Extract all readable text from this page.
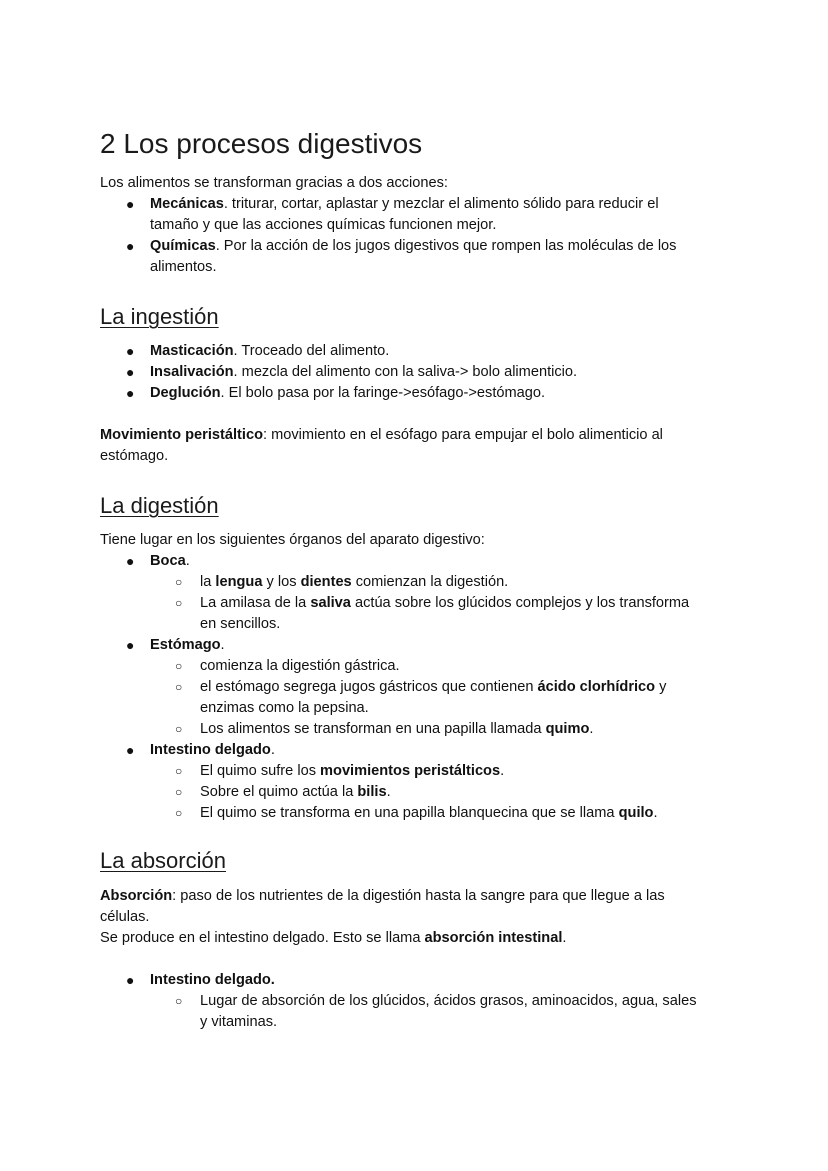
2 Los procesos digestivos
Los alimentos se transforman gracias a dos acciones:
● Mecánicas. triturar, cortar, aplastar y mezclar el alimento sólido para reducir el
tamaño y que las acciones químicas funcionen mejor.
● Químicas. Por la acción de los jugos digestivos que rompen las moléculas de los
alimentos.
La ingestión
● Masticación. Troceado del alimento.
● Insalivación. mezcla del alimento con la saliva-> bolo alimenticio.
● Deglución. El bolo pasa por la faringe->esófago->estómago.
Movimiento peristáltico: movimiento en el esófago para empujar el bolo alimenticio al
estómago.
La digestión
Tiene lugar en los siguientes órganos del aparato digestivo:
● Boca.
○ la lengua y los dientes comienzan la digestión.
○ La amilasa de la saliva actúa sobre los glúcidos complejos y los transforma
en sencillos.
● Estómago.
○ comienza la digestión gástrica.
○ el estómago segrega jugos gástricos que contienen ácido clorhídrico y
enzimas como la pepsina.
○ Los alimentos se transforman en una papilla llamada quimo.
● Intestino delgado.
○ El quimo sufre los movimientos peristálticos.
○ Sobre el quimo actúa la bilis.
○ El quimo se transforma en una papilla blanquecina que se llama quilo.
La absorción
Absorción: paso de los nutrientes de la digestión hasta la sangre para que llegue a las
células.
Se produce en el intestino delgado. Esto se llama absorción intestinal.
● Intestino delgado.
○ Lugar de absorción de los glúcidos, ácidos grasos, aminoacidos, agua, sales
y vitaminas.
